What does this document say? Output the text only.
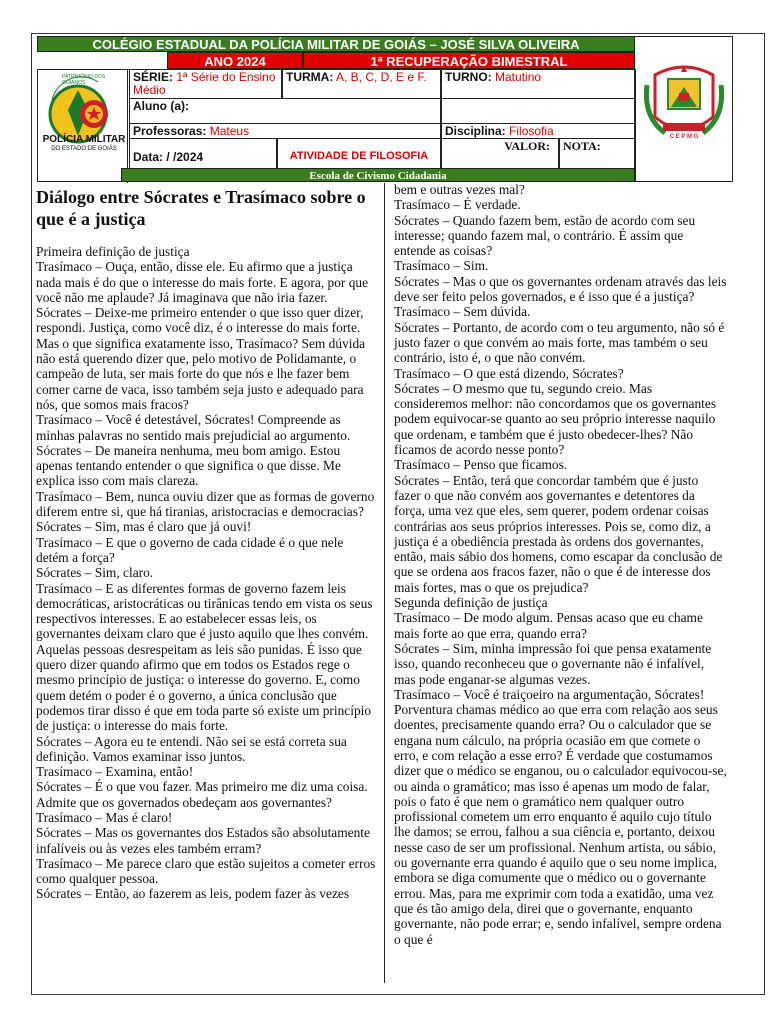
COLÉGIO ESTADUAL DA POLÍCIA MILITAR DE GOIÁS – JOSÉ SILVA OLIVEIRA
ANO 2024	1ª RECUPERAÇÃO BIMESTRAL
POLÍCIA MILITAR
DO ESTADO DE GOIÁS
PATRIMÔNIO DOS GOIANOS	SÉRIE: 1ª Série do Ensino Médio
TURMA: A, B, C, D, E e F.	TURNO: Matutino
Aluno (a):
Professoras: Mateus	Disciplina: Filosofia
Data: / /2024	ATIVIDADE DE FILOSOFIA
VALOR:	NOTA:
C E P M G
Escola de Civismo Cidadania
Diálogo entre Sócrates e Trasímaco sobre o que é a justiça
Primeira definição de justiça
Trasímaco – Ouça, então, disse ele. Eu afirmo que a justiça nada mais é do que o interesse do mais forte. E agora, por que você não me aplaude? Já imaginava que não iria fazer.
Sócrates – Deixe-me primeiro entender o que isso quer dizer, respondi. Justiça, como você diz, é o interesse do mais forte. Mas o que significa exatamente isso, Trasímaco? Sem dúvida não está querendo dizer que, pelo motivo de Polidamante, o campeão de luta, ser mais forte do que nós e lhe fazer bem comer carne de vaca, isso também seja justo e adequado para nós, que somos mais fracos?
Trasímaco – Você é detestável, Sócrates! Compreende as minhas palavras no sentido mais prejudicial ao argumento.
Sócrates – De maneira nenhuma, meu bom amigo. Estou apenas tentando entender o que significa o que disse. Me explica isso com mais clareza.
Trasímaco – Bem, nunca ouviu dizer que as formas de governo diferem entre si, que há tiranias, aristocracias e democracias?
Sócrates – Sim, mas é claro que já ouvi!
Trasímaco – E que o governo de cada cidade é o que nele detém a força?
Sócrates – Sim, claro.
Trasímaco – E as diferentes formas de governo fazem leis democráticas, aristocráticas ou tirânicas tendo em vista os seus respectivos interesses. E ao estabelecer essas leis, os governantes deixam claro que é justo aquilo que lhes convém. Aquelas pessoas desrespeitam as leis são punidas. É isso que quero dizer quando afirmo que em todos os Estados rege o mesmo princípio de justiça: o interesse do governo. E, como quem detém o poder é o governo, a única conclusão que podemos tirar disso é que em toda parte só existe um princípio de justiça: o interesse do mais forte.
Sócrates – Agora eu te entendi. Não sei se está correta sua definição. Vamos examinar isso juntos.
Trasímaco – Examina, então!
Sócrates – É o que vou fazer. Mas primeiro me diz uma coisa. Admite que os governados obedeçam aos governantes?
Trasímaco – Mas é claro!
Sócrates – Mas os governantes dos Estados são absolutamente infalíveis ou às vezes eles também erram?
Trasímaco – Me parece claro que estão sujeitos a cometer erros como qualquer pessoa.
Sócrates – Então, ao fazerem as leis, podem fazer às vezes
bem e outras vezes mal?
Trasímaco – É verdade.
Sócrates – Quando fazem bem, estão de acordo com seu interesse; quando fazem mal, o contrário. É assim que entende as coisas?
Trasímaco – Sim.
Sócrates – Mas o que os governantes ordenam através das leis deve ser feito pelos governados, e é isso que é a justiça?
Trasímaco – Sem dúvida.
Sócrates – Portanto, de acordo com o teu argumento, não só é justo fazer o que convém ao mais forte, mas também o seu contrário, isto é, o que não convém.
Trasímaco – O que está dizendo, Sócrates?
Sócrates – O mesmo que tu, segundo creio. Mas consideremos melhor: não concordamos que os governantes podem equivocar-se quanto ao seu próprio interesse naquilo que ordenam, e também que é justo obedecer-lhes? Não ficamos de acordo nesse ponto?
Trasímaco – Penso que ficamos.
Sócrates – Então, terá que concordar também que é justo fazer o que não convém aos governantes e detentores da força, uma vez que eles, sem querer, podem ordenar coisas contrárias aos seus próprios interesses. Pois se, como diz, a justiça é a obediência prestada às ordens dos governantes, então, mais sábio dos homens, como escapar da conclusão de que se ordena aos fracos fazer, não o que é de interesse dos mais fortes, mas o que os prejudica?
Segunda definição de justiça
Trasímaco – De modo algum. Pensas acaso que eu chame mais forte ao que erra, quando erra?
Sócrates – Sim, minha impressão foi que pensa exatamente isso, quando reconheceu que o governante não é infalível, mas pode enganar-se algumas vezes.
Trasímaco – Você é traiçoeiro na argumentação, Sócrates! Porventura chamas médico ao que erra com relação aos seus doentes, precisamente quando erra? Ou o calculador que se engana num cálculo, na própria ocasião em que comete o erro, e com relação a esse erro? É verdade que costumamos dizer que o médico se enganou, ou o calculador equivocou-se, ou ainda o gramático; mas isso é apenas um modo de falar, pois o fato é que nem o gramático nem qualquer outro profissional cometem um erro enquanto é aquilo cujo título lhe damos; se errou, falhou a sua ciência e, portanto, deixou nesse caso de ser um profissional. Nenhum artista, ou sábio, ou governante erra quando é aquilo que o seu nome implica, embora se diga comumente que o médico ou o governante errou. Mas, para me exprimir com toda a exatidão, uma vez que és tão amigo dela, direi que o governante, enquanto governante, não pode errar; e, sendo infalível, sempre ordena o que é
